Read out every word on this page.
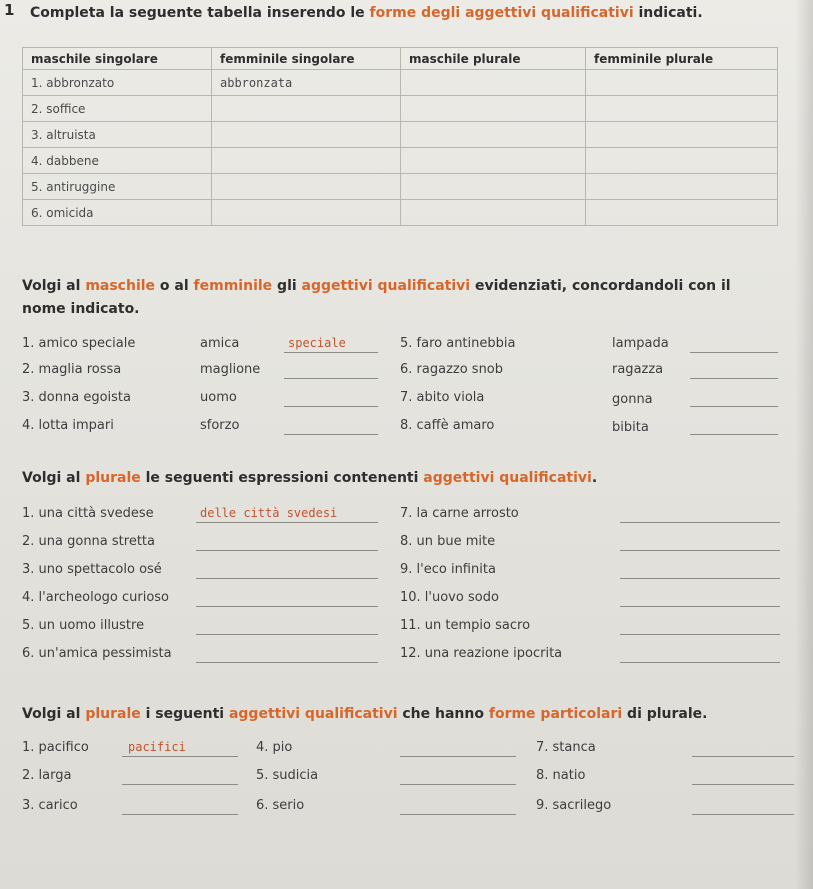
1 Completa la seguente tabella inserendo le forme degli aggettivi qualificativi indicati.
maschile singolare	femminile singolare	maschile plurale	femminile plurale
1. abbronzato	abbronzata		
2. soffice			
3. altruista			
4. dabbene			
5. antiruggine			
6. omicida			
Volgi al maschile o al femminile gli aggettivi qualificativi evidenziati, concordandoli con il
nome indicato.
1. amico speciale	amica	speciale
2. maglia rossa	maglione
3. donna egoista	uomo
4. lotta impari	sforzo
5. faro antinebbia	lampada
6. ragazzo snob	ragazza
7. abito viola	gonna
8. caffè amaro	bibita
Volgi al plurale le seguenti espressioni contenenti aggettivi qualificativi.
1. una città svedese	delle città svedesi
2. una gonna stretta
3. uno spettacolo osé
4. l'archeologo curioso
5. un uomo illustre
6. un'amica pessimista
7. la carne arrosto
8. un bue mite
9. l'eco infinita
10. l'uovo sodo
11. un tempio sacro
12. una reazione ipocrita
Volgi al plurale i seguenti aggettivi qualificativi che hanno forme particolari di plurale.
1. pacifico	pacifici
2. larga
3. carico
4. pio
5. sudicia
6. serio
7. stanca
8. natio
9. sacrilego
